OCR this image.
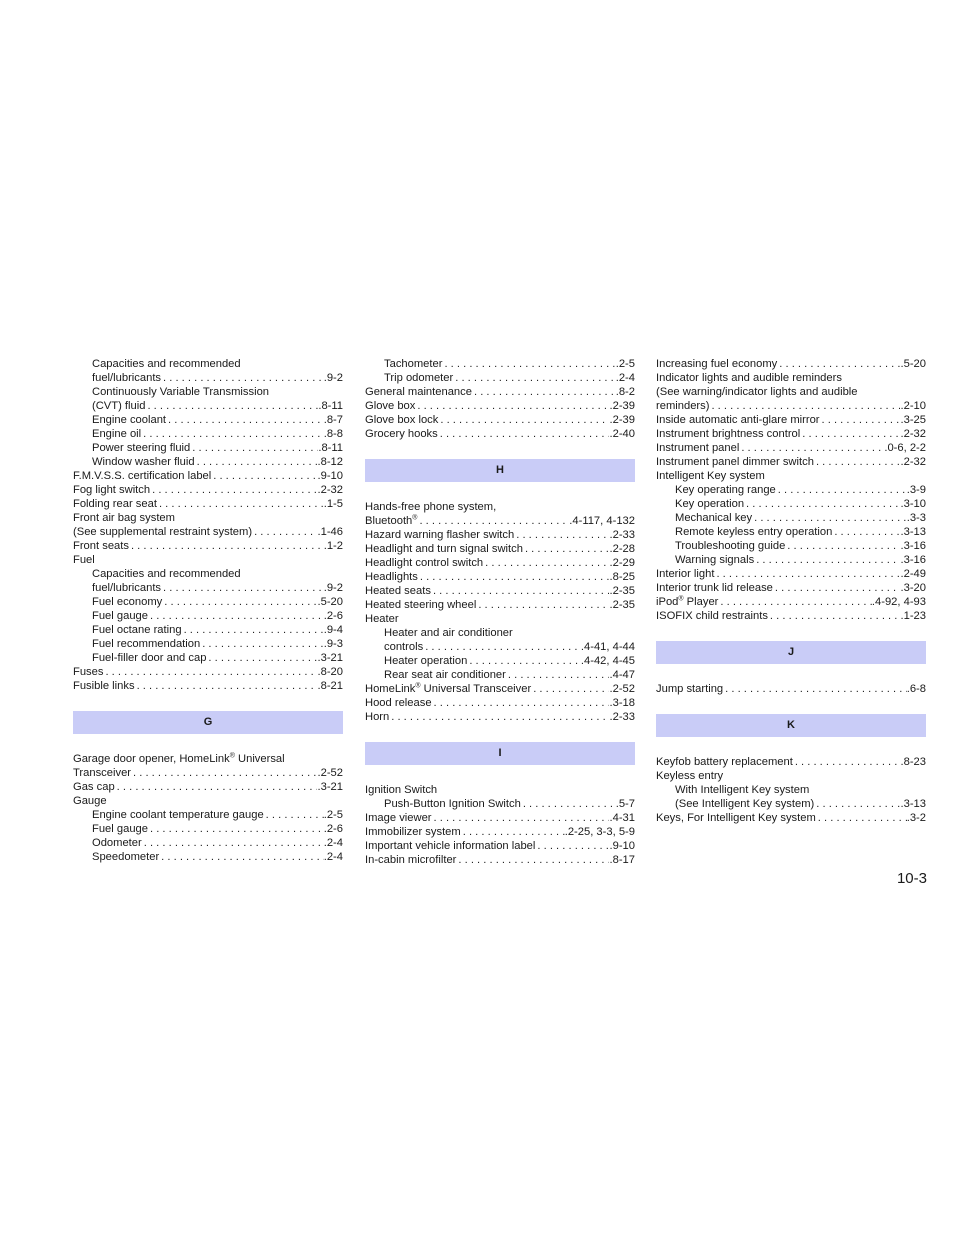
Capacities and recommended
fuel/lubricants . . .	. 9-2
Continuously Variable Transmission
(CVT) fluid . . .	. 8-11
Engine coolant . . .	. 8-7
Engine oil . . .	. 8-8
Power steering fluid . . .	. 8-11
Window washer fluid . . .	. 8-12
F.M.V.S.S. certification label . . .	. 9-10
Fog light switch . . .	. 2-32
Folding rear seat . . .	. 1-5
Front air bag system
(See supplemental restraint system) . . .	. 1-46
Front seats . . .	. 1-2
Fuel
Capacities and recommended
fuel/lubricants . . .	. 9-2
Fuel economy . . .	. 5-20
Fuel gauge . . .	. 2-6
Fuel octane rating . . .	. 9-4
Fuel recommendation . . .	. 9-3
Fuel-filler door and cap . . .	. 3-21
Fuses . . .	. 8-20
Fusible links . . .	. 8-21
G
Garage door opener, HomeLink® Universal
Transceiver . . .	. 2-52
Gas cap . . .	. 3-21
Gauge
Engine coolant temperature gauge . . .	. 2-5
Fuel gauge . . .	. 2-6
Odometer . . .	. 2-4
Speedometer . . .	. 2-4
Tachometer . . .	. 2-5
Trip odometer . . .	. 2-4
General maintenance . . .	. 8-2
Glove box . . .	. 2-39
Glove box lock . . .	. 2-39
Grocery hooks . . .	. 2-40
H
Hands-free phone system,
Bluetooth® . . .	. 4-117, 4-132
Hazard warning flasher switch . . .	. 2-33
Headlight and turn signal switch . . .	. 2-28
Headlight control switch . . .	. 2-29
Headlights . . .	. 8-25
Heated seats . . .	. 2-35
Heated steering wheel . . .	. 2-35
Heater
Heater and air conditioner
controls . . .	. 4-41, 4-44
Heater operation . . .	. 4-42, 4-45
Rear seat air conditioner . . .	. 4-47
HomeLink® Universal Transceiver . . .	. 2-52
Hood release . . .	. 3-18
Horn . . .	. 2-33
I
Ignition Switch
Push-Button Ignition Switch . . .	. 5-7
Image viewer . . .	. 4-31
Immobilizer system . . .	. 2-25, 3-3, 5-9
Important vehicle information label . . .	. 9-10
In-cabin microfilter . . .	. 8-17
Increasing fuel economy . . .	. 5-20
Indicator lights and audible reminders
(See warning/indicator lights and audible
reminders) . . .	. 2-10
Inside automatic anti-glare mirror . . .	. 3-25
Instrument brightness control . . .	. 2-32
Instrument panel . . .	. 0-6, 2-2
Instrument panel dimmer switch . . .	. 2-32
Intelligent Key system
Key operating range . . .	. 3-9
Key operation . . .	. 3-10
Mechanical key . . .	. 3-3
Remote keyless entry operation . . .	. 3-13
Troubleshooting guide . . .	. 3-16
Warning signals . . .	. 3-16
Interior light . . .	. 2-49
Interior trunk lid release . . .	. 3-20
iPod® Player . . .	. 4-92, 4-93
ISOFIX child restraints . . .	. 1-23
J
Jump starting . . .	. 6-8
K
Keyfob battery replacement . . .	. 8-23
Keyless entry
With Intelligent Key system
(See Intelligent Key system) . . .	. 3-13
Keys, For Intelligent Key system . . .	. 3-2
10-3
